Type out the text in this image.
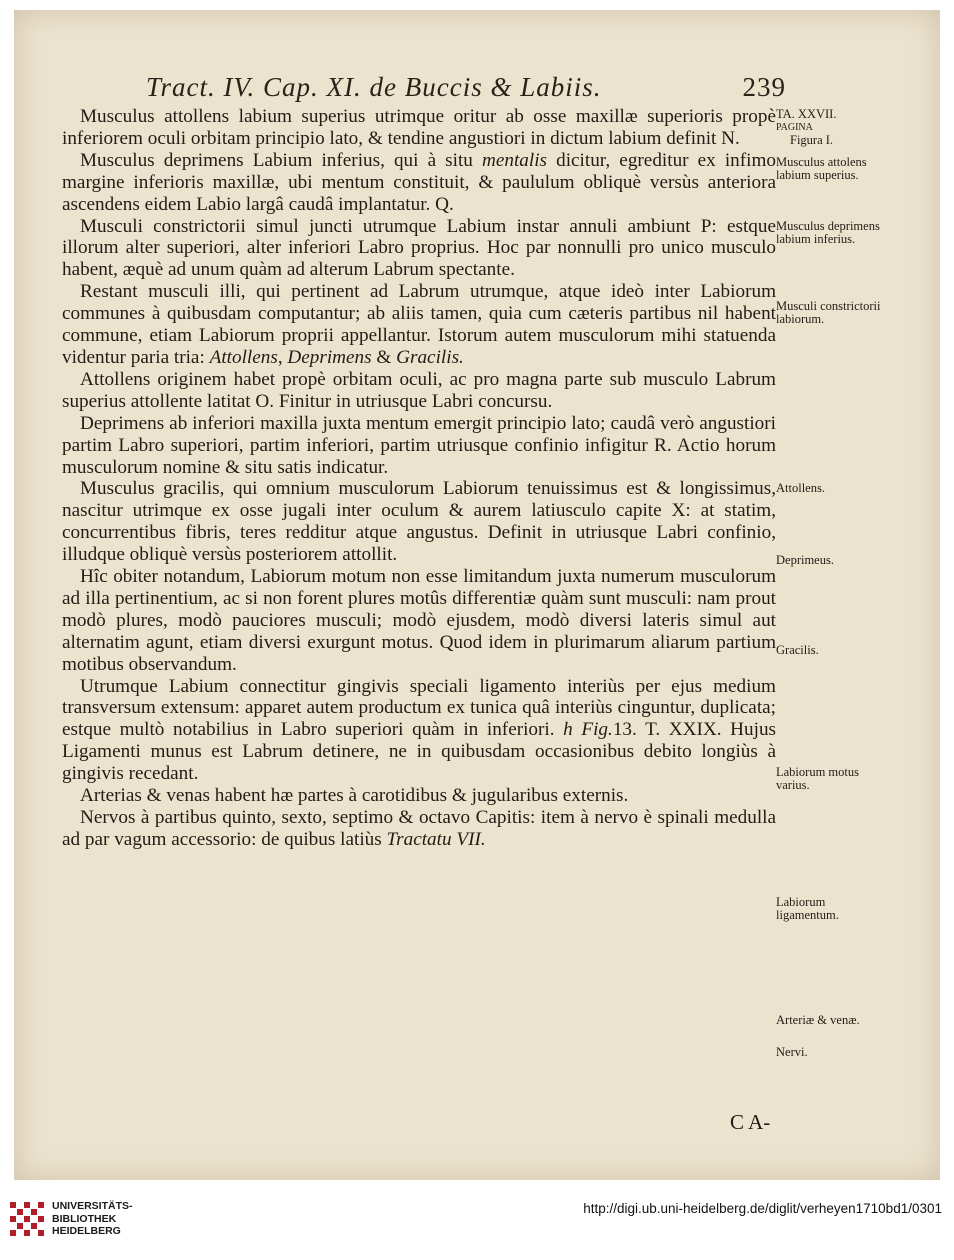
Tract. IV. Cap. XI. de Buccis & Labiis.	239

Musculus attollens labium superius utrimque oritur ab osse maxillæ superioris propè inferiorem oculi orbitam principio lato, & tendine angustiori in dictum labium definit N.

Musculus deprimens Labium inferius, qui à situ mentalis dicitur, egreditur ex infimo margine inferioris maxillæ, ubi mentum constituit, & paululum obliquè versùs anteriora ascendens eidem Labio largâ caudâ implantatur. Q.

Musculi constrictorii simul juncti utrumque Labium instar annuli ambiunt P: estque illorum alter superiori, alter inferiori Labro proprius. Hoc par nonnulli pro unico musculo habent, æquè ad unum quàm ad alterum Labrum spectante.

Restant musculi illi, qui pertinent ad Labrum utrumque, atque ideò inter Labiorum communes à quibusdam computantur; ab aliis tamen, quia cum cæteris partibus nil habent commune, etiam Labiorum proprii appellantur. Istorum autem musculorum mihi statuenda videntur paria tria: Attollens, Deprimens & Gracilis.

Attollens originem habet propè orbitam oculi, ac pro magna parte sub musculo Labrum superius attollente latitat O. Finitur in utriusque Labri concursu.

Deprimens ab inferiori maxilla juxta mentum emergit principio lato; caudâ verò angustiori partim Labro superiori, partim inferiori, partim utriusque confinio infigitur R. Actio horum musculorum nomine & situ satis indicatur.

Musculus gracilis, qui omnium musculorum Labiorum tenuissimus est & longissimus, nascitur utrimque ex osse jugali inter oculum & aurem latiusculo capite X: at statim, concurrentibus fibris, teres redditur atque angustus. Definit in utriusque Labri confinio, illudque obliquè versùs posteriorem attollit.

Hîc obiter notandum, Labiorum motum non esse limitandum juxta numerum musculorum ad illa pertinentium, ac si non forent plures motûs differentiæ quàm sunt musculi: nam prout modò plures, modò pauciores musculi; modò ejusdem, modò diversi lateris simul aut alternatim agunt, etiam diversi exurgunt motus. Quod idem in plurimarum aliarum partium motibus observandum.

Utrumque Labium connectitur gingivis speciali ligamento interiùs per ejus medium transversum extensum: apparet autem productum ex tunica quâ interiùs cinguntur, duplicata; estque multò notabilius in Labro superiori quàm in inferiori. h Fig.13. T. XXIX. Hujus Ligamenti munus est Labrum detinere, ne in quibusdam occasionibus debito longiùs à gingivis recedant.

Arterias & venas habent hæ partes à carotidibus & jugularibus externis.

Nervos à partibus quinto, sexto, septimo & octavo Capitis: item à nervo è spinali medulla ad par vagum accessorio: de quibus latiùs Tractatu VII.

TA. XXVII.
PAGINA
Figura I.
Musculus attolens labium superius.
Musculus deprimens labium inferius.
Musculi constrictorii labiorum.
Attollens.
Deprimeus.
Gracilis.
Labiorum motus varius.
Labiorum ligamentum.
Arteriæ & venæ.
Nervi.
C A-
UNIVERSITÄTS-
BIBLIOTHEK
HEIDELBERG
http://digi.ub.uni-heidelberg.de/diglit/verheyen1710bd1/0301
